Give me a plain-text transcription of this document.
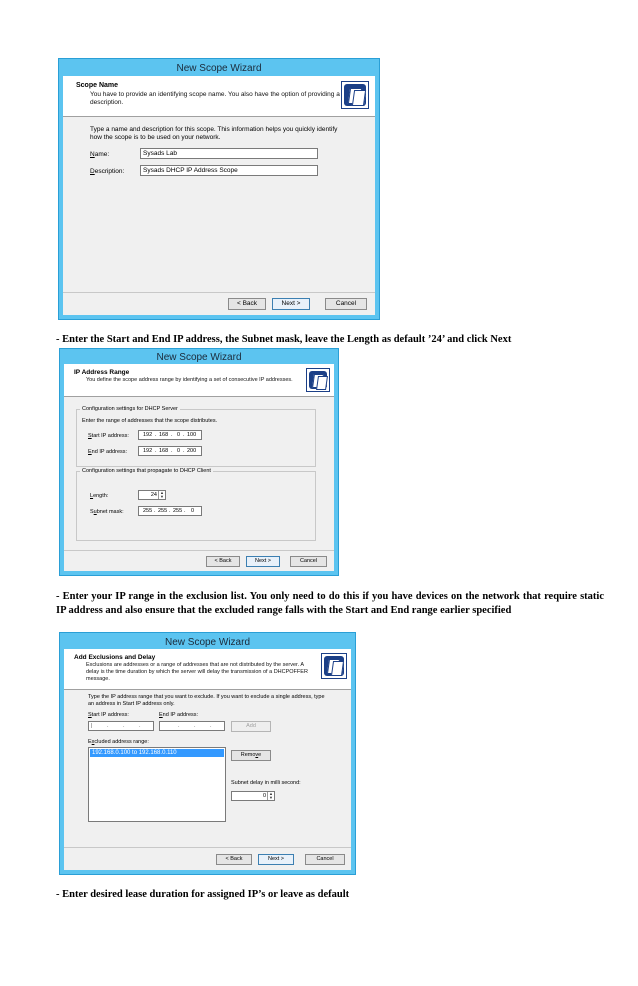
New Scope Wizard
Scope Name
You have to provide an identifying scope name. You also have the option of providing a description.
Type a name and description for this scope. This information helps you quickly identify how the scope is to be used on your network.
Name:	Sysads Lab
Description:	Sysads DHCP IP Address Scope
< Back	Next >	Cancel
- Enter the Start and End IP address, the Subnet mask, leave the Length as default ’24’ and click Next
New Scope Wizard
IP Address Range
You define the scope address range by identifying a set of consecutive IP addresses.
Configuration settings for DHCP Server
Enter the range of addresses that the scope distributes.
Start IP address:	192 . 168 . 0 . 100
End IP address:	192 . 168 . 0 . 200
Configuration settings that propagate to DHCP Client
Length:	24 ▲
▼
Subnet mask:	255 . 255 . 255 . 0
< Back	Next >	Cancel
- Enter your IP range in the exclusion list. You only need to do this if you have devices on the network that require static IP address and also ensure that the excluded range falls with the Start and End range earlier specified
New Scope Wizard
Add Exclusions and Delay
Exclusions are addresses or a range of addresses that are not distributed by the server. A delay is the time duration by which the server will delay the transmission of a DHCPOFFER message.
Type the IP address range that you want to exclude. If you want to exclude a single address, type an address in Start IP address only.
Start IP address:
|	.	.	.
End IP address:
.	.	.	Add
Excluded address range:
192.168.0.100 to 192.168.0.110	Remove
Subnet delay in milli second:
0 ▲
▼
< Back	Next >	Cancel
- Enter desired lease duration for assigned IP’s or leave as default
